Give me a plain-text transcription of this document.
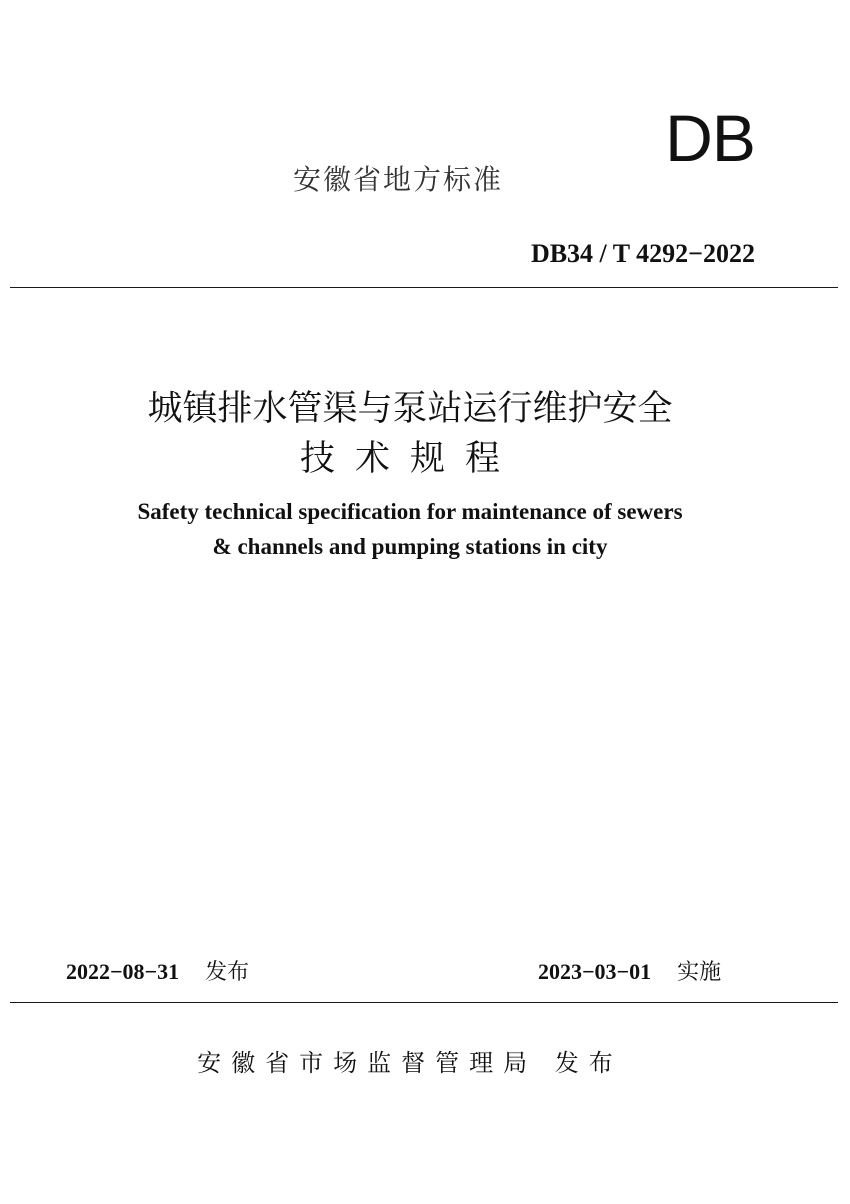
DB
安徽省地方标准
DB34 / T 4292−2022
城镇排水管渠与泵站运行维护安全
技术规程
Safety technical specification for maintenance of sewers
& channels and pumping stations in city
2022−08−31 发布	2023−03−01 实施
安徽省市场监督管理局 发布
